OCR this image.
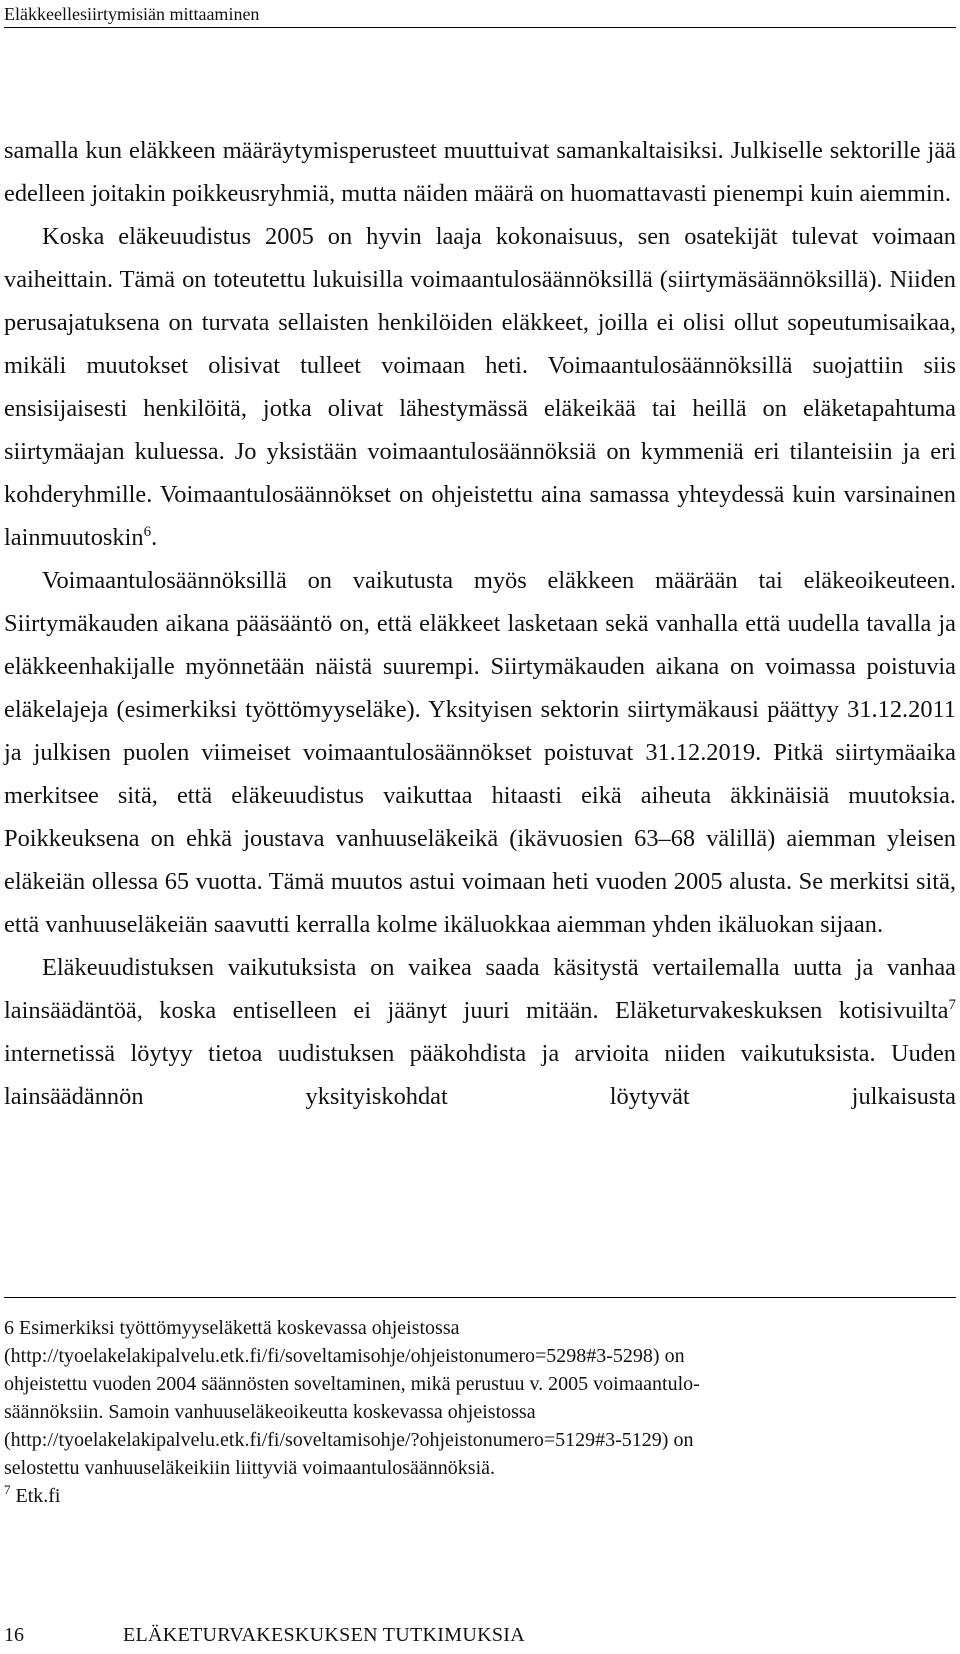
Eläkkeellesiirtymisiän mittaaminen

samalla kun eläkkeen määräytymisperusteet muuttuivat samankaltaisiksi. Julkiselle sektorille jää edelleen joitakin poikkeusryhmiä, mutta näiden määrä on huomattavasti pienempi kuin aiemmin.

Koska eläkeuudistus 2005 on hyvin laaja kokonaisuus, sen osatekijät tulevat voimaan vaiheittain. Tämä on toteutettu lukuisilla voimaantulosäännöksillä (siirtymäsäännöksillä). Niiden perusajatuksena on turvata sellaisten henkilöiden eläkkeet, joilla ei olisi ollut sopeutumisaikaa, mikäli muutokset olisivat tulleet voimaan heti. Voimaantulosäännöksillä suojattiin siis ensisijaisesti henkilöitä, jotka olivat lähestymässä eläkeikää tai heillä on eläketapahtuma siirtymäajan kuluessa. Jo yksistään voimaantulosäännöksiä on kymmeniä eri tilanteisiin ja eri kohderyhmille. Voimaantulosäännökset on ohjeistettu aina samassa yhteydessä kuin varsinainen lainmuutoskin$^6$.

Voimaantulosäännöksillä on vaikutusta myös eläkkeen määrään tai eläkeoikeuteen. Siirtymäkauden aikana pääsääntö on, että eläkkeet lasketaan sekä vanhalla että uudella tavalla ja eläkkeenhakijalle myönnetään näistä suurempi. Siirtymäkauden aikana on voimassa poistuvia eläkelajeja (esimerkiksi työttömyyseläke). Yksityisen sektorin siirtymäkausi päättyy 31.12.2011 ja julkisen puolen viimeiset voimaantulosäännökset poistuvat 31.12.2019. Pitkä siirtymäaika merkitsee sitä, että eläkeuudistus vaikuttaa hitaasti eikä aiheuta äkkinäisiä muutoksia. Poikkeuksena on ehkä joustava vanhuuseläkeikä (ikävuosien 63–68 välillä) aiemman yleisen eläkeiän ollessa 65 vuotta. Tämä muutos astui voimaan heti vuoden 2005 alusta. Se merkitsi sitä, että vanhuuseläkeiän saavutti kerralla kolme ikäluokkaa aiemman yhden ikäluokan sijaan.

Eläkeuudistuksen vaikutuksista on vaikea saada käsitystä vertailemalla uutta ja vanhaa lainsäädäntöä, koska entiselleen ei jäänyt juuri mitään. Eläketurvakeskuksen kotisivuilta$^7$ internetissä löytyy tietoa uudistuksen pääkohdista ja arvioita niiden vaikutuksista. Uuden lainsäädännön yksityiskohdat löytyvät julkaisusta

6 Esimerkiksi työttömyyseläkettä koskevassa ohjeistossa

(http://tyoelakelakipalvelu.etk.fi/fi/soveltamisohje/ohjeistonumero=5298#3-5298) on

ohjeistettu vuoden 2004 säännösten soveltaminen, mikä perustuu v. 2005 voimaantulo-

säännöksiin. Samoin vanhuuseläkeoikeutta koskevassa ohjeistossa

(http://tyoelakelakipalvelu.etk.fi/fi/soveltamisohje/?ohjeistonumero=5129#3-5129) on

selostettu vanhuuseläkeikiin liittyviä voimaantulosäännöksiä.

$^7$ Etk.fi

16	ELÄKETURVAKESKUKSEN TUTKIMUKSIA
